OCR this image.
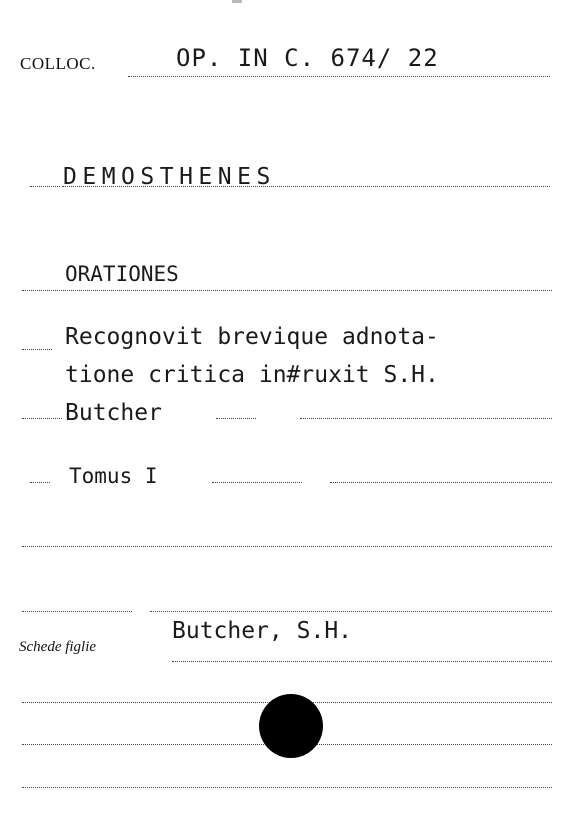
COLLOC.	OP. IN C. 674/ 22
DEMOSTHENES
ORATIONES
Recognovit brevique adnota-
tione critica in#ruxit S.H.
Butcher
Tomus I
Schede figlie
Butcher, S.H.
